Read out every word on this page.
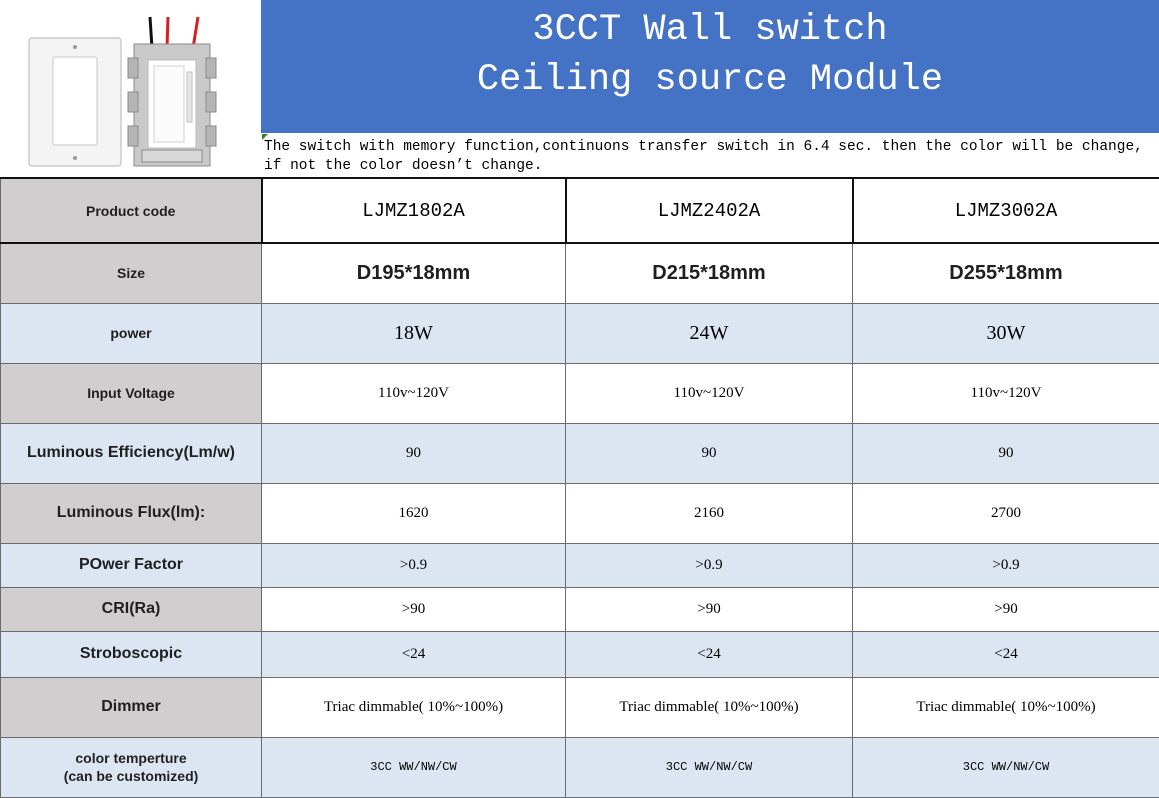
3CCT Wall switch
Ceiling source Module
The switch with memory function,continuons transfer switch in 6.4 sec. then the color will be change, if not the color doesn’t change.
Product code	LJMZ1802A	LJMZ2402A	LJMZ3002A
Size	D195*18mm	D215*18mm	D255*18mm
power	18W	24W	30W
Input Voltage	110v~120V	110v~120V	110v~120V
Luminous Efficiency(Lm/w)	90	90	90
Luminous Flux(lm):	1620	2160	2700
POwer Factor	>0.9	>0.9	>0.9
CRI(Ra)	>90	>90	>90
Stroboscopic	<24	<24	<24
Dimmer	Triac dimmable( 10%~100%)	Triac dimmable( 10%~100%)	Triac dimmable( 10%~100%)

color temperture
(can be customized)	3CC WW/NW/CW	3CC WW/NW/CW	3CC WW/NW/CW
